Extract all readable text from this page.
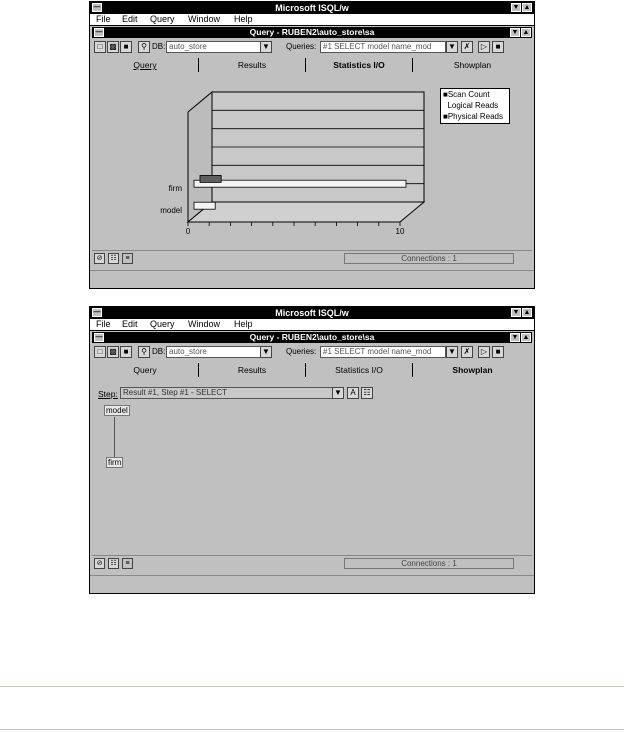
—	Microsoft ISQL/w	▼ ▲
File Edit Query Window Help
—	Query - RUBEN2\auto_store\sa	▼ ▲
□ ▩ ■	⚲ DB: auto_store	▼ Queries: #1 SELECT model name_mod	▼ ✗	▷	■
Query	Results	Statistics I/O	Showplan
0	10
model
firm
■Scan Count
Logical Reads
■Physical Reads
⊘	☷	≡	Connections : 1
—	Microsoft ISQL/w	▼ ▲
File Edit Query Window Help
—	Query - RUBEN2\auto_store\sa	▼ ▲
□ ▩ ■	⚲ DB: auto_store	▼ Queries: #1 SELECT model name_mod	▼ ✗	▷	■
Query	Results	Statistics I/O	Showplan
Step: Result #1, Step #1 - SELECT	▼	A ☷
model
firm
⊘	☷	≡	Connections : 1
